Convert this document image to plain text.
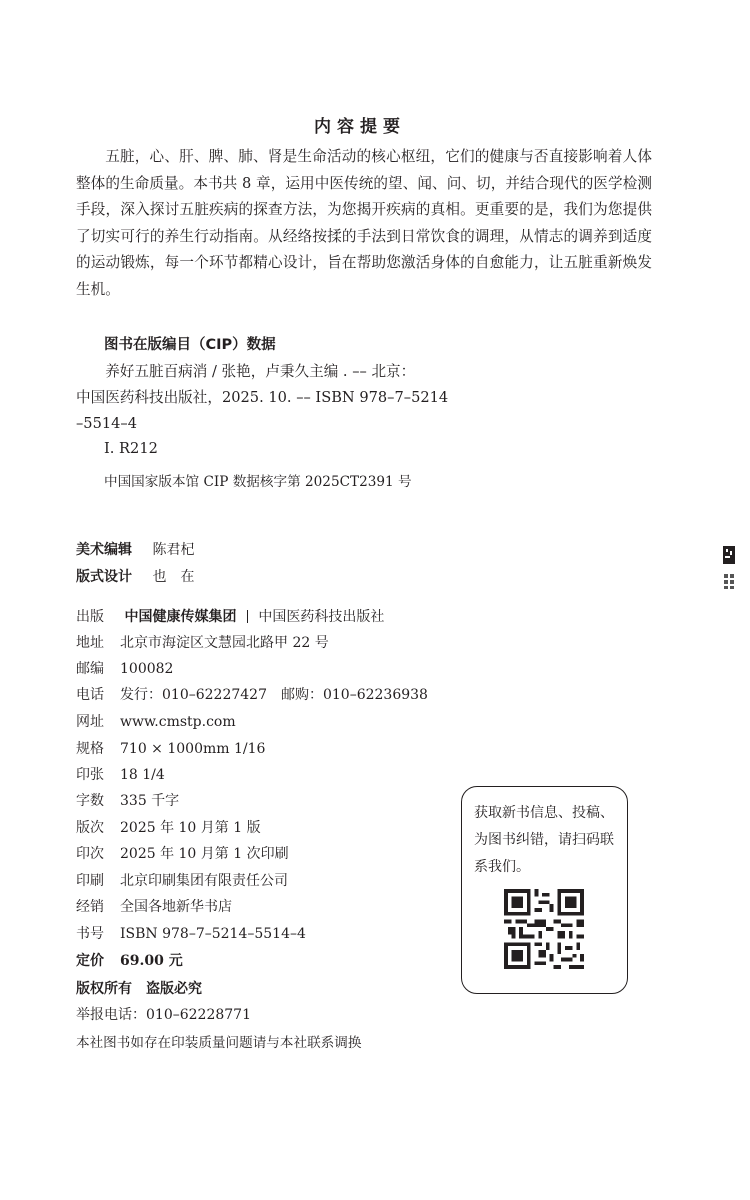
内容提要

五脏，心、肝、脾、肺、肾是生命活动的核心枢纽，它们的健康与否直接影响着人体整体的生命质量。本书共 8 章，运用中医传统的望、闻、问、切，并结合现代的医学检测手段，深入探讨五脏疾病的探查方法，为您揭开疾病的真相。更重要的是，我们为您提供了切实可行的养生行动指南。从经络按揉的手法到日常饮食的调理，从情志的调养到适度的运动锻炼，每一个环节都精心设计，旨在帮助您激活身体的自愈能力，让五脏重新焕发生机。

图书在版编目（CIP）数据

养好五脏百病消 / 张艳，卢秉久主编 . –– 北京：

中国医药科技出版社，2025. 10. –– ISBN 978–7–5214

–5514–4

Ⅰ. R212
中国国家版本馆 CIP 数据核字第 2025CT2391 号
美术编辑 陈君杞
版式设计 也　在
出版 中国健康传媒集团 中国医药科技出版社
地址 北京市海淀区文慧园北路甲 22 号
邮编 100082
电话 发行：010–62227427　邮购：010–62236938
网址 www.cmstp.com
规格 710 × 1000mm 1/16
印张 18 1/4
字数 335 千字
版次 2025 年 10 月第 1 版
印次 2025 年 10 月第 1 次印刷
印刷 北京印刷集团有限责任公司
经销 全国各地新华书店
书号 ISBN 978–7–5214–5514–4
定价 69.00 元
版权所有　盗版必究
举报电话：010–62228771
本社图书如存在印装质量问题请与本社联系调换
获取新书信息、投稿、为图书纠错，请扫码联系我们。
